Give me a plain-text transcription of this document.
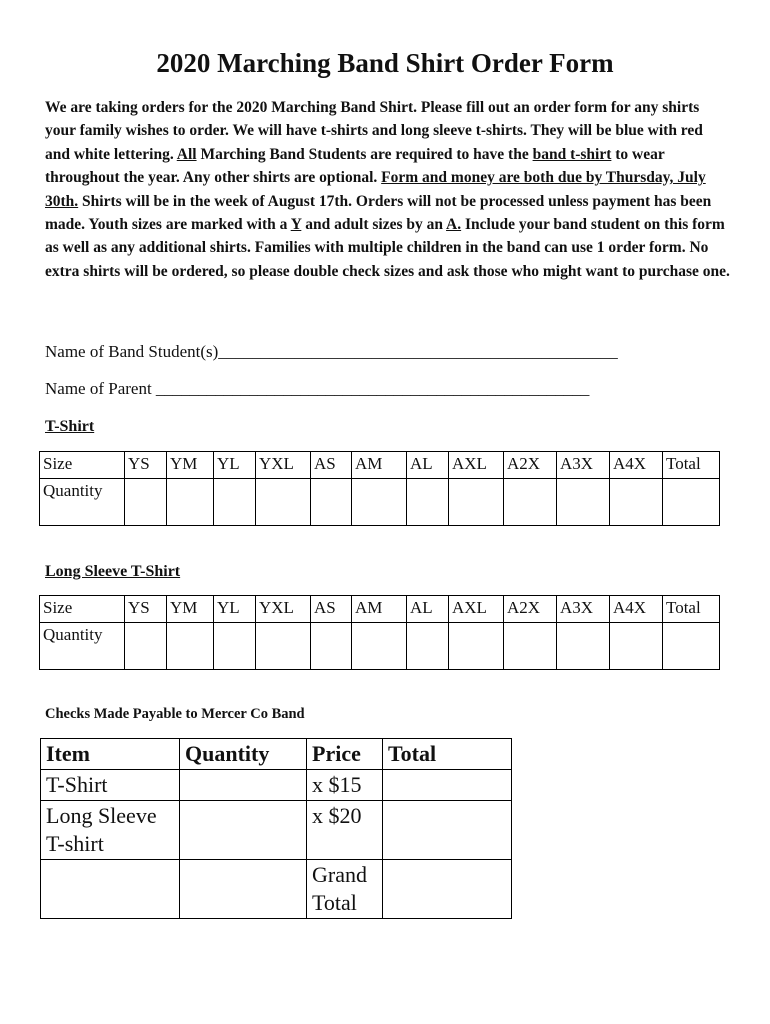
2020 Marching Band Shirt Order Form

We are taking orders for the 2020 Marching Band Shirt. Please fill out an order form for any shirts your family wishes to order. We will have t-shirts and long sleeve t-shirts. They will be blue with red and white lettering. All Marching Band Students are required to have the band t-shirt to wear throughout the year. Any other shirts are optional. Form and money are both due by Thursday, July 30th. Shirts will be in the week of August 17th. Orders will not be processed unless payment has been made. Youth sizes are marked with a Y and adult sizes by an A. Include your band student on this form as well as any additional shirts. Families with multiple children in the band can use 1 order form. No extra shirts will be ordered, so please double check sizes and ask those who might want to purchase one.

Name of Band Student(s)_______________________________________________
Name of Parent ___________________________________________________
T-Shirt
Size	YS	YM	YL	YXL	AS	AM	AL	AXL	A2X	A3X	A4X	Total
Quantity												
Long Sleeve T-Shirt
Size	YS	YM	YL	YXL	AS	AM	AL	AXL	A2X	A3X	A4X	Total
Quantity												
Checks Made Payable to Mercer Co Band
Item	Quantity	Price	Total
T-Shirt		x $15	
Long Sleeve T-shirt		x $20	
		Grand Total	
